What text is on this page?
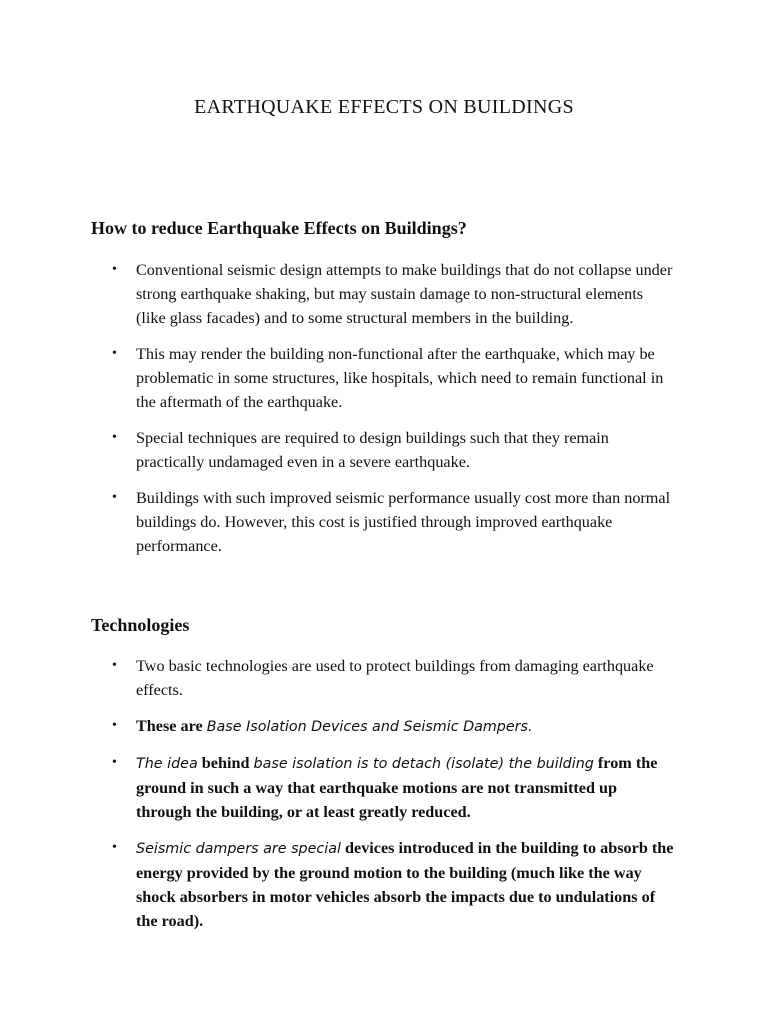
EARTHQUAKE EFFECTS ON BUILDINGS
How to reduce Earthquake Effects on Buildings?
• Conventional seismic design attempts to make buildings that do not collapse under strong earthquake shaking, but may sustain damage to non-structural elements (like glass facades) and to some structural members in the building.
• This may render the building non-functional after the earthquake, which may be problematic in some structures, like hospitals, which need to remain functional in the aftermath of the earthquake.
• Special techniques are required to design buildings such that they remain practically undamaged even in a severe earthquake.
• Buildings with such improved seismic performance usually cost more than normal buildings do. However, this cost is justified through improved earthquake performance.
Technologies
• Two basic technologies are used to protect buildings from damaging earthquake effects.
• These are Base Isolation Devices and Seismic Dampers.
• The idea behind base isolation is to detach (isolate) the building from the ground in such a way that earthquake motions are not transmitted up through the building, or at least greatly reduced.
• Seismic dampers are special devices introduced in the building to absorb the energy provided by the ground motion to the building (much like the way shock absorbers in motor vehicles absorb the impacts due to undulations of the road).
